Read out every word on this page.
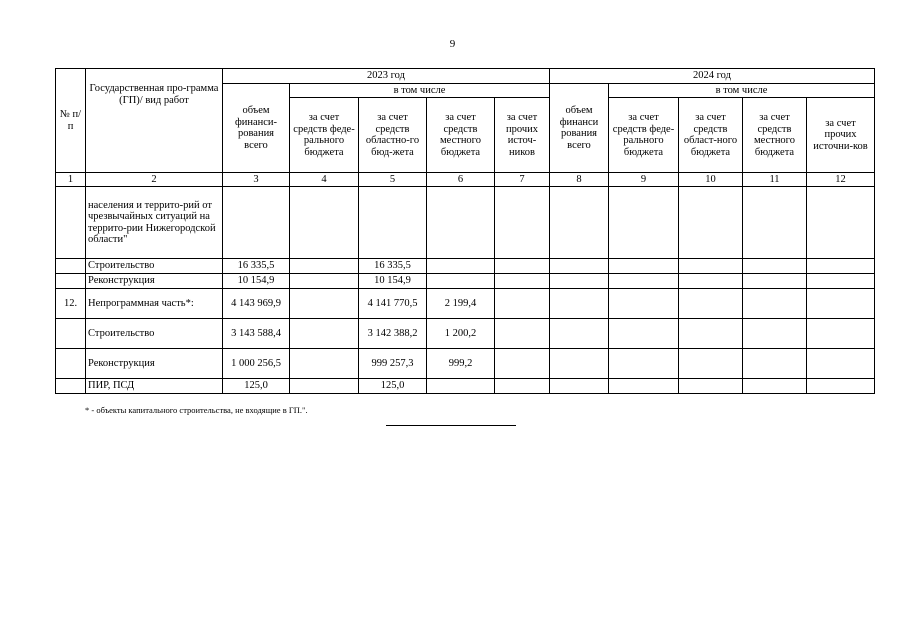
9
№ п/п	Государственная про-грамма (ГП)/ вид работ	2023 год					2024 год				
		объем финанси-рования всего	в том числе				объем финанси рования всего	в том числе			
			за счет средств феде-рального бюджета	за счет средств областно-го бюд-жета	за счет средств местного бюджета	за счет прочих источ-ников		за счет средств феде-рального бюджета	за счет средств област-ного бюджета	за счет средств местного бюджета	за счет прочих источни-ков
1	2	3	4	5	6	7	8	9	10	11	12
	населения и террито-рий от чрезвычайных ситуаций на террито-рии Нижегородской области"										
	Строительство	16 335,5		16 335,5							
	Реконструкция	10 154,9		10 154,9							
12.	Непрограммная часть*:	4 143 969,9		4 141 770,5	2 199,4						
	Строительство	3 143 588,4		3 142 388,2	1 200,2						
	Реконструкция	1 000 256,5		999 257,3	999,2						
	ПИР, ПСД	125,0		125,0							
* - объекты капитального строительства, не входящие в ГП.".
